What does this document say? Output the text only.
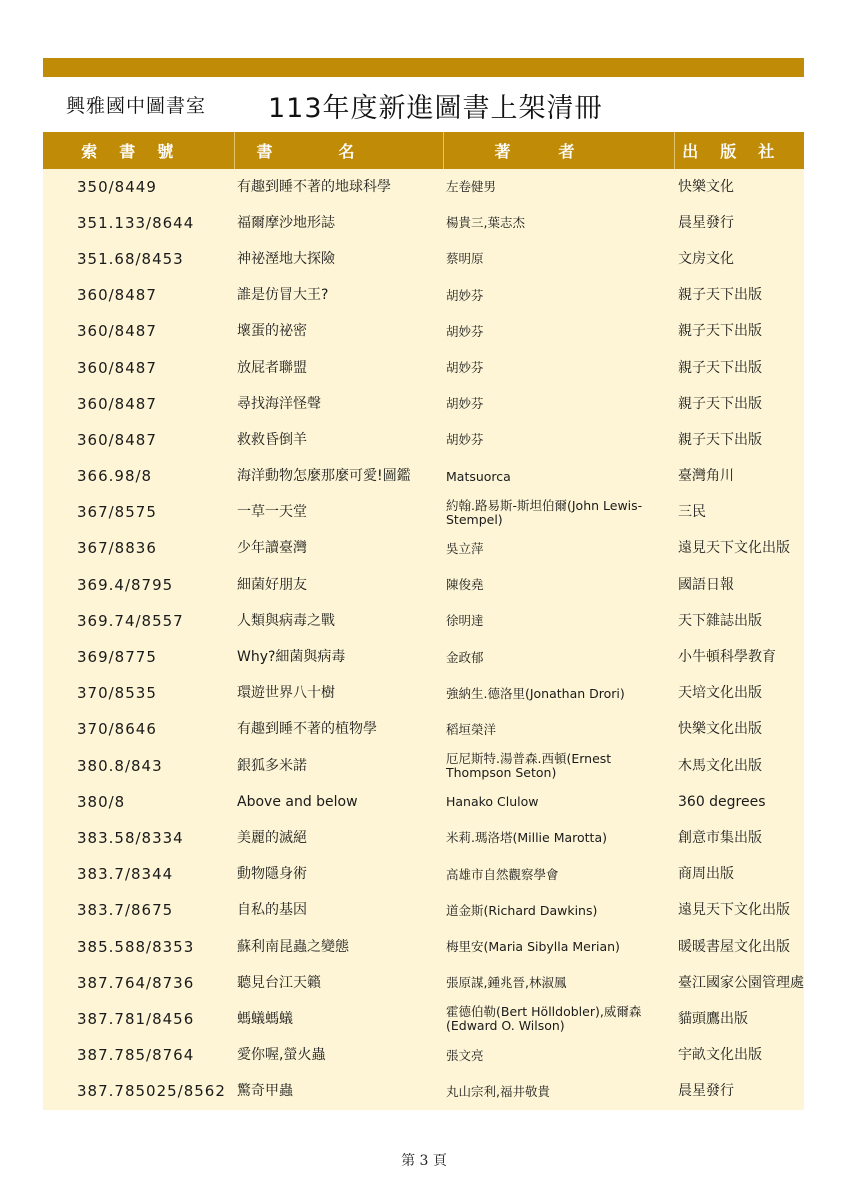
興雅國中圖書室	113年度新進圖書上架清冊
索書號	書名	著者	出版社
350/8449	有趣到睡不著的地球科學	左卷健男	快樂文化
351.133/8644	福爾摩沙地形誌	楊貴三,葉志杰	晨星發行
351.68/8453	神祕溼地大探險	蔡明原	文房文化
360/8487	誰是仿冒大王?	胡妙芬	親子天下出版
360/8487	壞蛋的祕密	胡妙芬	親子天下出版
360/8487	放屁者聯盟	胡妙芬	親子天下出版
360/8487	尋找海洋怪聲	胡妙芬	親子天下出版
360/8487	救救昏倒羊	胡妙芬	親子天下出版
366.98/8	海洋動物怎麼那麼可愛!圖鑑	Matsuorca	臺灣角川
367/8575	一草一天堂	約翰.路易斯-斯坦伯爾(John Lewis-Stempel)	三民
367/8836	少年讀臺灣	吳立萍	遠見天下文化出版
369.4/8795	細菌好朋友	陳俊堯	國語日報
369.74/8557	人類與病毒之戰	徐明達	天下雜誌出版
369/8775	Why?細菌與病毒	金政郁	小牛頓科學教育
370/8535	環遊世界八十樹	強納生.德洛里(Jonathan Drori)	天培文化出版
370/8646	有趣到睡不著的植物學	稻垣榮洋	快樂文化出版
380.8/843	銀狐多米諾	厄尼斯特.湯普森.西頓(Ernest Thompson Seton)	木馬文化出版
380/8	Above and below	Hanako Clulow	360 degrees
383.58/8334	美麗的滅絕	米莉.瑪洛塔(Millie Marotta)	創意市集出版
383.7/8344	動物隱身術	高雄市自然觀察學會	商周出版
383.7/8675	自私的基因	道金斯(Richard Dawkins)	遠見天下文化出版
385.588/8353	蘇利南昆蟲之變態	梅里安(Maria Sibylla Merian)	暖暖書屋文化出版
387.764/8736	聽見台江天籟	張原謀,鍾兆晉,林淑鳳	臺江國家公園管理處
387.781/8456	螞蟻螞蟻	霍德伯勒(Bert Hölldobler),威爾森(Edward O. Wilson)	貓頭鷹出版
387.785/8764	愛你喔,螢火蟲	張文亮	宇畝文化出版
387.785025/8562	驚奇甲蟲	丸山宗利,福井敬貴	晨星發行
第 3 頁
